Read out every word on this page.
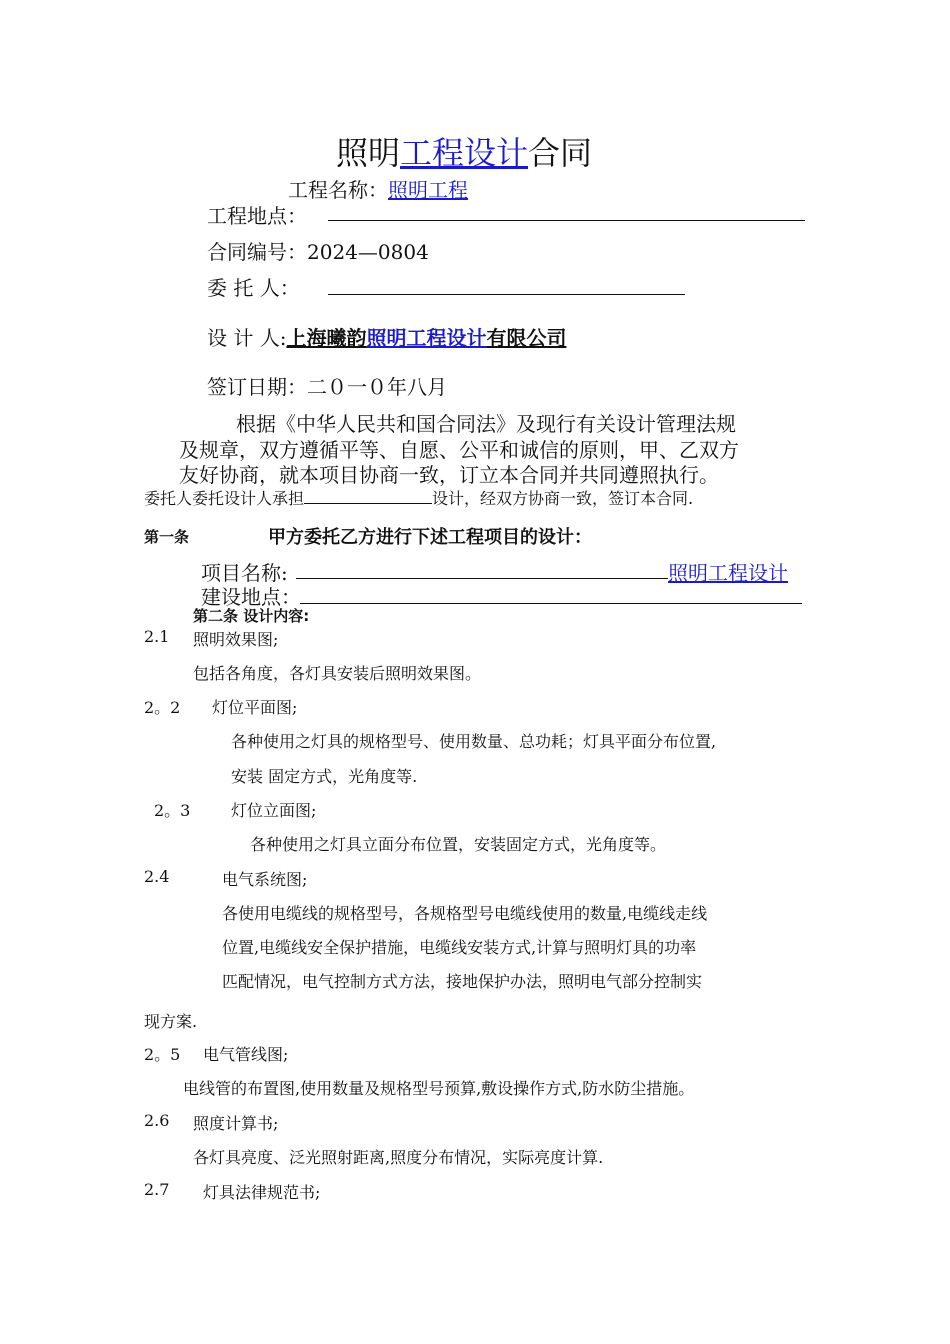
照明工程设计合同
工程名称：照明工程
工程地点：
合同编号：2024—0804
委 托 人：
设 计 人:上海曦韵照明工程设计有限公司
签订日期：二０一０年八月
根据《中华人民共和国合同法》及现行有关设计管理法规
及规章，双方遵循平等、自愿、公平和诚信的原则，甲、乙双方
友好协商，就本项目协商一致，订立本合同并共同遵照执行。
委托人委托设计人承担	设计，经双方协商一致，签订本合同.
第一条	甲方委托乙方进行下述工程项目的设计：
项目名称:	照明工程设计
建设地点：
第二条 设计内容:
2.1 照明效果图;
包括各角度，各灯具安装后照明效果图。
2。2 灯位平面图;
各种使用之灯具的规格型号、使用数量、总功耗；灯具平面分布位置,
安装 固定方式，光角度等.
2。3	灯位立面图;
各种使用之灯具立面分布位置，安装固定方式，光角度等。
2.4	电气系统图;
各使用电缆线的规格型号，各规格型号电缆线使用的数量,电缆线走线
位置,电缆线安全保护措施，电缆线安装方式,计算与照明灯具的功率
匹配情况，电气控制方式方法，接地保护办法，照明电气部分控制实
现方案.
2。5 电气管线图;
电线管的布置图,使用数量及规格型号预算,敷设操作方式,防水防尘措施。
2.6 照度计算书;
各灯具亮度、泛光照射距离,照度分布情况，实际亮度计算.
2.7 灯具法律规范书;
